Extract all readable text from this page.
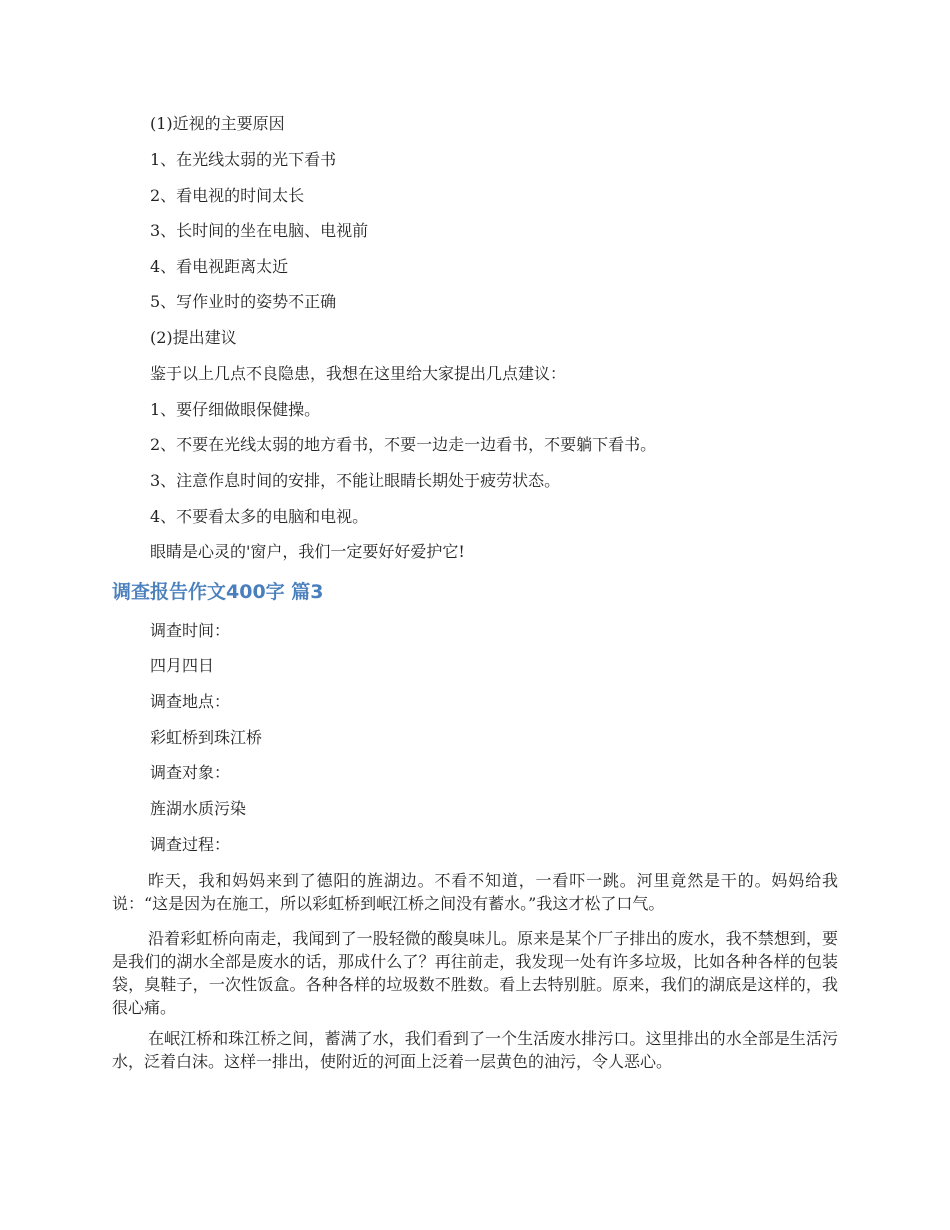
(1)近视的主要原因
1、在光线太弱的光下看书
2、看电视的时间太长
3、长时间的坐在电脑、电视前
4、看电视距离太近
5、写作业时的姿势不正确
(2)提出建议
鉴于以上几点不良隐患，我想在这里给大家提出几点建议：
1、要仔细做眼保健操。
2、不要在光线太弱的地方看书，不要一边走一边看书，不要躺下看书。
3、注意作息时间的安排，不能让眼睛长期处于疲劳状态。
4、不要看太多的电脑和电视。
眼睛是心灵的'窗户，我们一定要好好爱护它!
调查报告作文400字 篇3
调查时间：
四月四日
调查地点：
彩虹桥到珠江桥
调查对象：
旌湖水质污染
调查过程：
昨天，我和妈妈来到了德阳的旌湖边。不看不知道，一看吓一跳。河里竟然是干的。妈妈给我说：“这是因为在施工，所以彩虹桥到岷江桥之间没有蓄水。”我这才松了口气。
沿着彩虹桥向南走，我闻到了一股轻微的酸臭味儿。原来是某个厂子排出的废水，我不禁想到，要是我们的湖水全部是废水的话，那成什么了？再往前走，我发现一处有许多垃圾，比如各种各样的包装袋，臭鞋子，一次性饭盒。各种各样的垃圾数不胜数。看上去特别脏。原来，我们的湖底是这样的，我很心痛。
在岷江桥和珠江桥之间，蓄满了水，我们看到了一个生活废水排污口。这里排出的水全部是生活污水，泛着白沫。这样一排出，使附近的河面上泛着一层黄色的油污，令人恶心。
